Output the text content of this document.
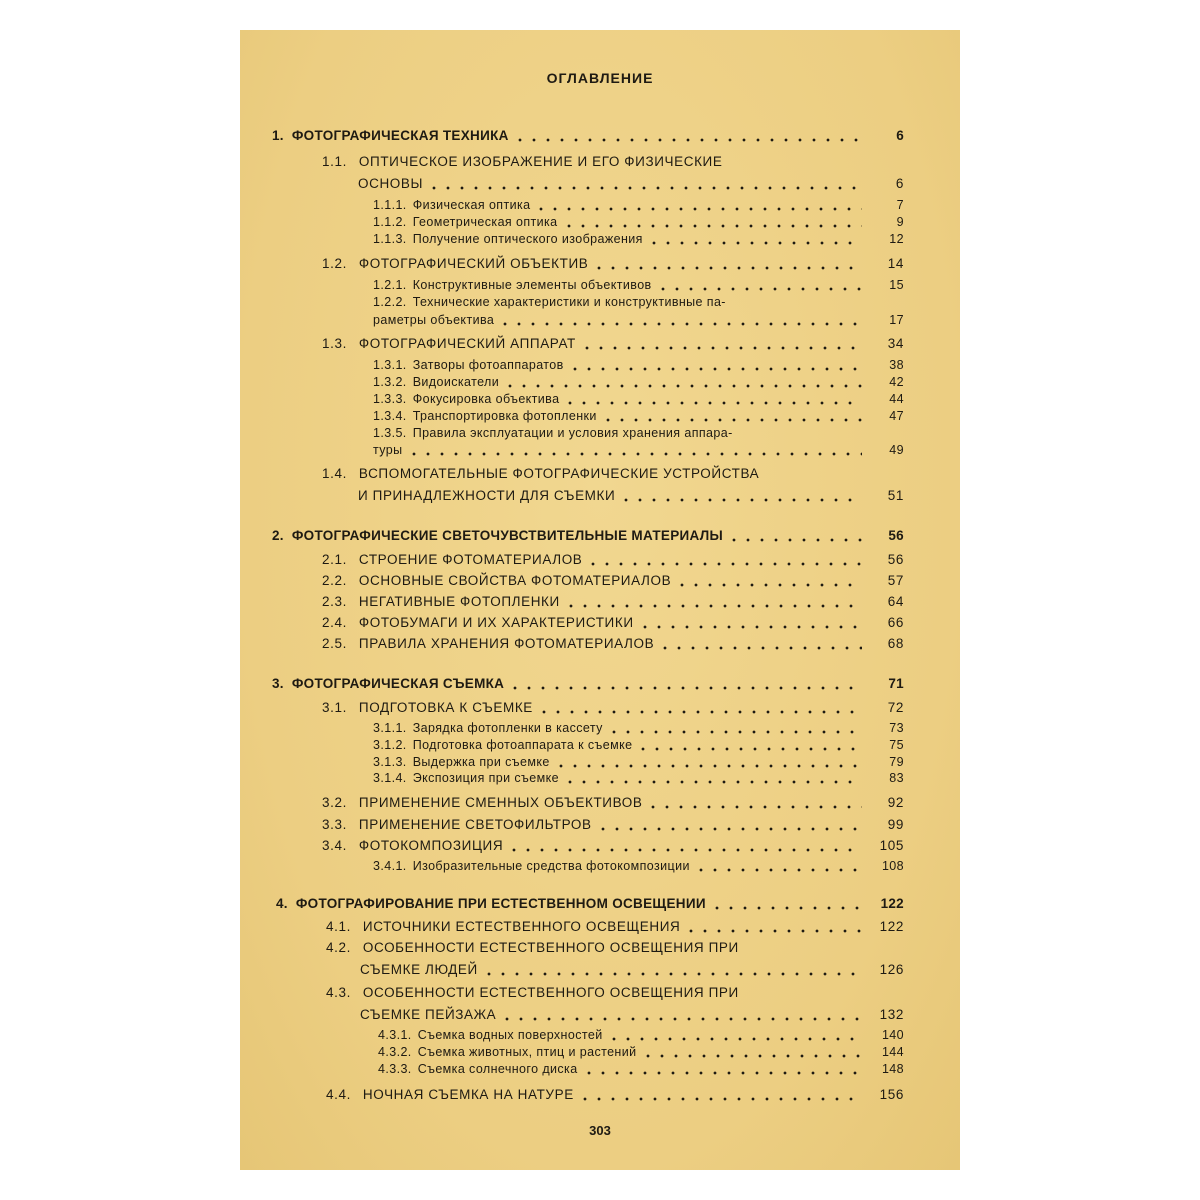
ОГЛАВЛЕНИЕ
1. ФОТОГРАФИЧЕСКАЯ ТЕХНИКА	6
1.1. ОПТИЧЕСКОЕ ИЗОБРАЖЕНИЕ И ЕГО ФИЗИЧЕСКИЕ
ОСНОВЫ	6
1.1.1. Физическая оптика	7
1.1.2. Геометрическая оптика	9
1.1.3. Получение оптического изображения	12
1.2. ФОТОГРАФИЧЕСКИЙ ОБЪЕКТИВ	14
1.2.1. Конструктивные элементы объективов	15
1.2.2. Технические характеристики и конструктивные па-
раметры объектива	17
1.3. ФОТОГРАФИЧЕСКИЙ АППАРАТ	34
1.3.1. Затворы фотоаппаратов	38
1.3.2. Видоискатели	42
1.3.3. Фокусировка объектива	44
1.3.4. Транспортировка фотопленки	47
1.3.5. Правила эксплуатации и условия хранения аппара-
туры	49
1.4. ВСПОМОГАТЕЛЬНЫЕ ФОТОГРАФИЧЕСКИЕ УСТРОЙСТВА
И ПРИНАДЛЕЖНОСТИ ДЛЯ СЪЕМКИ	51
2. ФОТОГРАФИЧЕСКИЕ СВЕТОЧУВСТВИТЕЛЬНЫЕ МАТЕРИАЛЫ	56
2.1. СТРОЕНИЕ ФОТОМАТЕРИАЛОВ	56
2.2. ОСНОВНЫЕ СВОЙСТВА ФОТОМАТЕРИАЛОВ	57
2.3. НЕГАТИВНЫЕ ФОТОПЛЕНКИ	64
2.4. ФОТОБУМАГИ И ИХ ХАРАКТЕРИСТИКИ	66
2.5. ПРАВИЛА ХРАНЕНИЯ ФОТОМАТЕРИАЛОВ	68
3. ФОТОГРАФИЧЕСКАЯ СЪЕМКА	71
3.1. ПОДГОТОВКА К СЪЕМКЕ	72
3.1.1. Зарядка фотопленки в кассету	73
3.1.2. Подготовка фотоаппарата к съемке	75
3.1.3. Выдержка при съемке	79
3.1.4. Экспозиция при съемке	83
3.2. ПРИМЕНЕНИЕ СМЕННЫХ ОБЪЕКТИВОВ	92
3.3. ПРИМЕНЕНИЕ СВЕТОФИЛЬТРОВ	99
3.4. ФОТОКОМПОЗИЦИЯ	105
3.4.1. Изобразительные средства фотокомпозиции	108
4. ФОТОГРАФИРОВАНИЕ ПРИ ЕСТЕСТВЕННОМ ОСВЕЩЕНИИ	122
4.1. ИСТОЧНИКИ ЕСТЕСТВЕННОГО ОСВЕЩЕНИЯ	122
4.2. ОСОБЕННОСТИ ЕСТЕСТВЕННОГО ОСВЕЩЕНИЯ ПРИ
СЪЕМКЕ ЛЮДЕЙ	126
4.3. ОСОБЕННОСТИ ЕСТЕСТВЕННОГО ОСВЕЩЕНИЯ ПРИ
СЪЕМКЕ ПЕЙЗАЖА	132
4.3.1. Съемка водных поверхностей	140
4.3.2. Съемка животных, птиц и растений	144
4.3.3. Съемка солнечного диска	148
4.4. НОЧНАЯ СЪЕМКА НА НАТУРЕ	156
303
